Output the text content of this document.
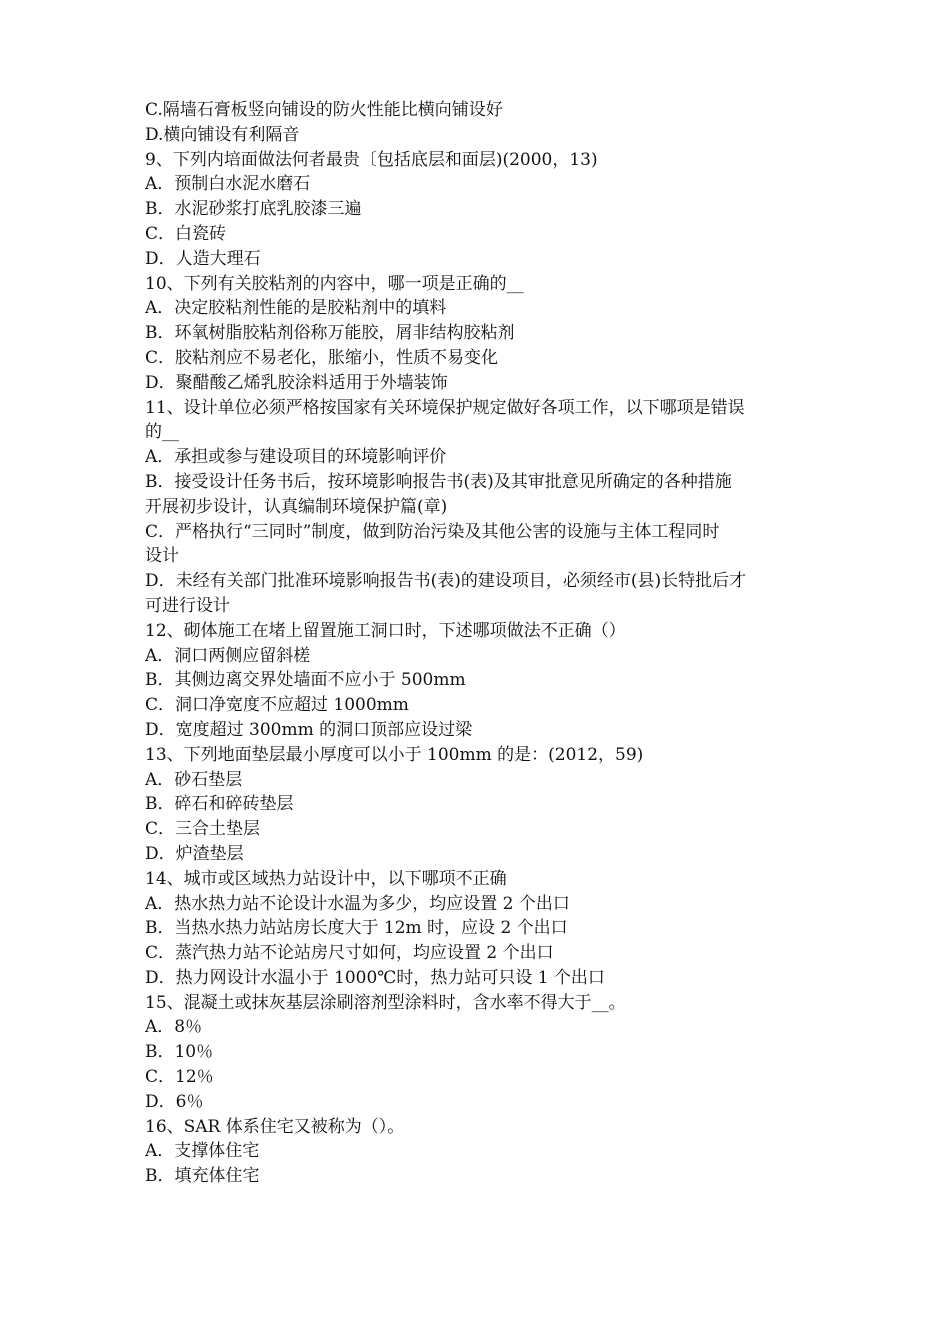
C.隔墙石膏板竖向铺设的防火性能比横向铺设好
D.横向铺设有利隔音
9、下列内培面做法何者最贵〔包括底层和面层)(2000，13)
A．预制白水泥水磨石
B．水泥砂浆打底乳胶漆三遍
C．白瓷砖
D．人造大理石
10、下列有关胶粘剂的内容中，哪一项是正确的__
A．决定胶粘剂性能的是胶粘剂中的填料
B．环氧树脂胶粘剂俗称万能胶，屑非结构胶粘剂
C．胶粘剂应不易老化，胀缩小，性质不易变化
D．聚醋酸乙烯乳胶涂料适用于外墙装饰
11、设计单位必须严格按国家有关环境保护规定做好各项工作，以下哪项是错误
的__
A．承担或参与建设项目的环境影响评价
B．接受设计任务书后，按环境影响报告书(表)及其审批意见所确定的各种措施
开展初步设计，认真编制环境保护篇(章)
C．严格执行“三同时”制度，做到防治污染及其他公害的设施与主体工程同时
设计
D．未经有关部门批准环境影响报告书(表)的建设项目，必须经市(县)长特批后才
可进行设计
12、砌体施工在堵上留置施工洞口时，下述哪项做法不正确（）
A．洞口两侧应留斜槎
B．其侧边离交界处墙面不应小于 500mm
C．洞口净宽度不应超过 1000mm
D．宽度超过 300mm 的洞口顶部应设过梁
13、下列地面垫层最小厚度可以小于 100mm 的是：(2012，59)
A．砂石垫层
B．碎石和碎砖垫层
C．三合土垫层
D．炉渣垫层
14、城市或区域热力站设计中，以下哪项不正确
A．热水热力站不论设计水温为多少，均应设置 2 个出口
B．当热水热力站站房长度大于 12m 时，应设 2 个出口
C．蒸汽热力站不论站房尺寸如何，均应设置 2 个出口
D．热力网设计水温小于 1000℃时，热力站可只设 1 个出口
15、混凝土或抹灰基层涂刷溶剂型涂料时，含水率不得大于__。
A．8％
B．10％
C．12％
D．6％
16、SAR 体系住宅又被称为（）。
A．支撑体住宅
B．填充体住宅
